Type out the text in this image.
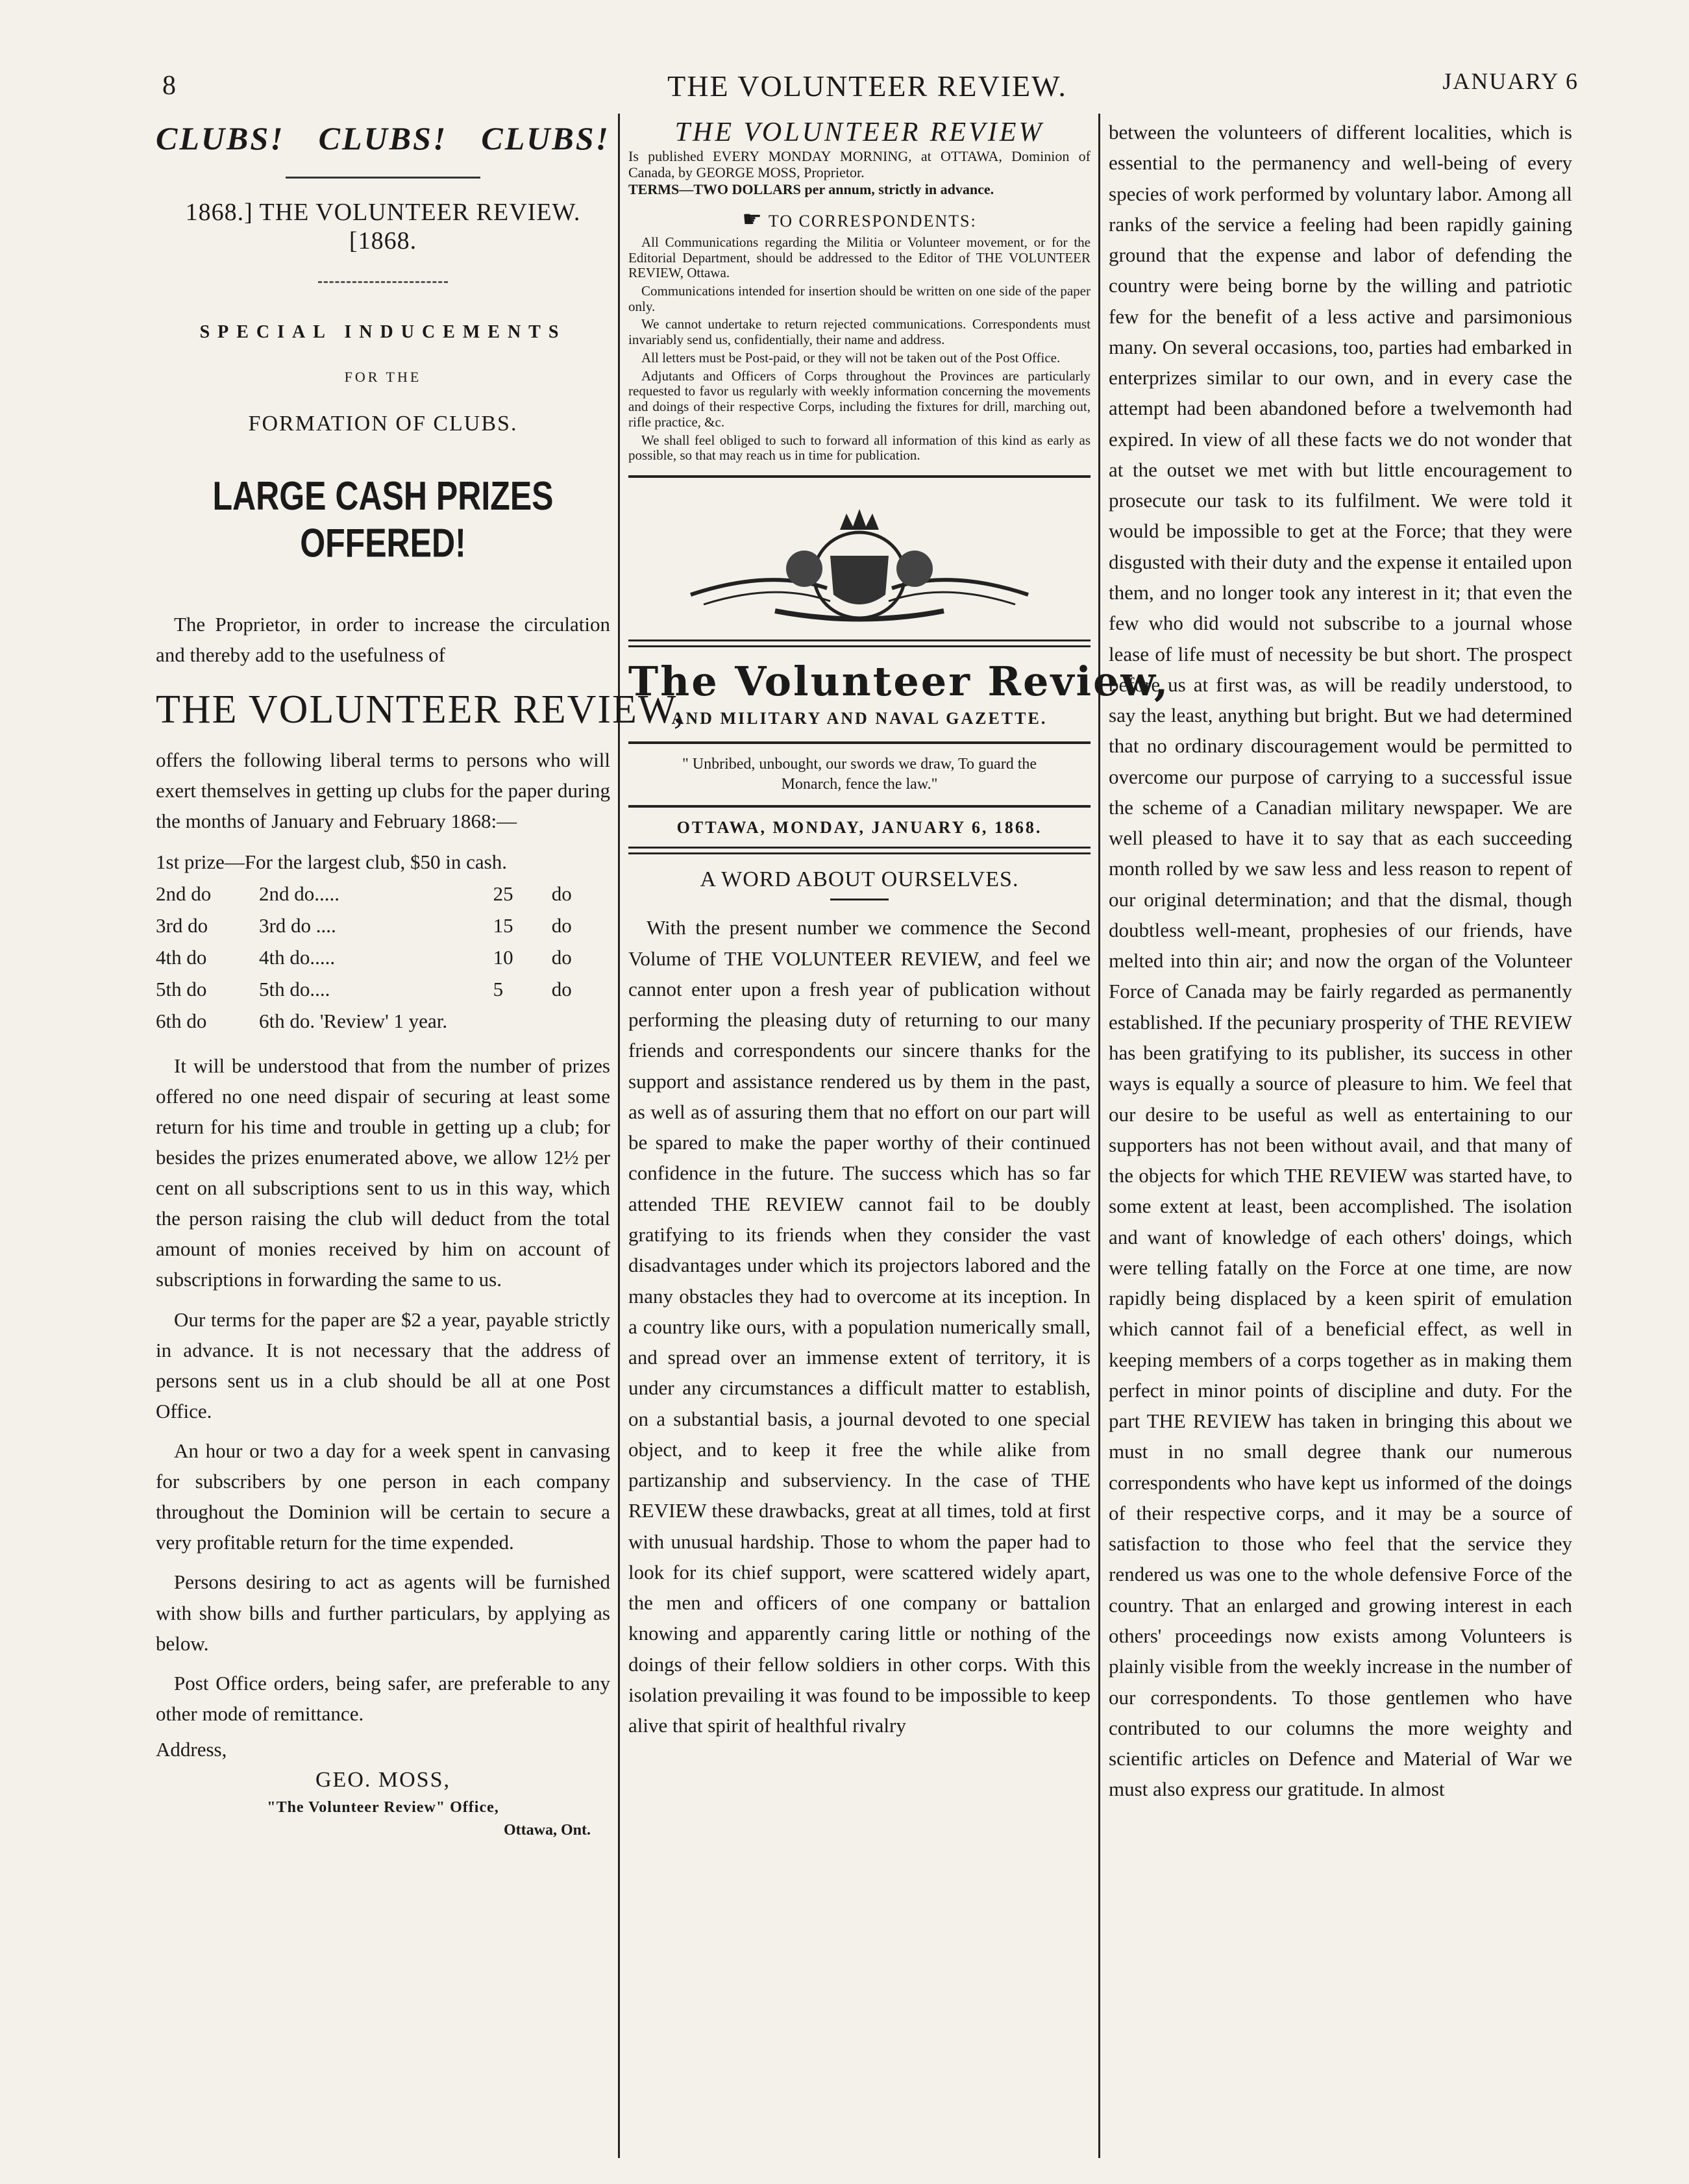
8	THE VOLUNTEER REVIEW.	JANUARY 6
CLUBS! CLUBS! CLUBS!
1868.] THE VOLUNTEER REVIEW. [1868.
SPECIAL INDUCEMENTS
FOR THE
FORMATION OF CLUBS.
LARGE CASH PRIZES OFFERED!

The Proprietor, in order to increase the circulation and thereby add to the usefulness of

THE VOLUNTEER REVIEW,

offers the following liberal terms to persons who will exert themselves in getting up clubs for the paper during the months of January and February 1868:—

1st prize—For the largest club, $50 in cash.			
2nd do	2nd do.....	25	do
3rd do	3rd do ....	15	do
4th do	4th do.....	10	do
5th do	5th do....	5	do
6th do	6th do. 'Review' 1 year.		

It will be understood that from the number of prizes offered no one need dispair of securing at least some return for his time and trouble in getting up a club; for besides the prizes enumerated above, we allow 12½ per cent on all subscriptions sent to us in this way, which the person raising the club will deduct from the total amount of monies received by him on account of subscriptions in forwarding the same to us.

Our terms for the paper are $2 a year, payable strictly in advance. It is not necessary that the address of persons sent us in a club should be all at one Post Office.

An hour or two a day for a week spent in canvasing for subscribers by one person in each company throughout the Dominion will be certain to secure a very profitable return for the time expended.

Persons desiring to act as agents will be furnished with show bills and further particulars, by applying as below.

Post Office orders, being safer, are preferable to any other mode of remittance.

Address,
GEO. MOSS,
"The Volunteer Review" Office,
Ottawa, Ont.
THE VOLUNTEER REVIEW

Is published EVERY MONDAY MORNING, at OTTAWA, Dominion of Canada, by GEORGE MOSS, Proprietor.

TERMS—TWO DOLLARS per annum, strictly in advance.

☛ TO CORRESPONDENTS:

All Communications regarding the Militia or Volunteer movement, or for the Editorial Department, should be addressed to the Editor of THE VOLUNTEER REVIEW, Ottawa.

Communications intended for insertion should be written on one side of the paper only.

We cannot undertake to return rejected communications. Correspondents must invariably send us, confidentially, their name and address.

All letters must be Post-paid, or they will not be taken out of the Post Office.

Adjutants and Officers of Corps throughout the Provinces are particularly requested to favor us regularly with weekly information concerning the movements and doings of their respective Corps, including the fixtures for drill, marching out, rifle practice, &c.

We shall feel obliged to such to forward all information of this kind as early as possible, so that may reach us in time for publication.

The Volunteer Review,
AND MILITARY AND NAVAL GAZETTE.
" Unbribed, unbought, our swords we draw, To guard the Monarch, fence the law."
OTTAWA, MONDAY, JANUARY 6, 1868.
A WORD ABOUT OURSELVES.

With the present number we commence the Second Volume of THE VOLUNTEER REVIEW, and feel we cannot enter upon a fresh year of publication without performing the pleasing duty of returning to our many friends and correspondents our sincere thanks for the support and assistance rendered us by them in the past, as well as of assuring them that no effort on our part will be spared to make the paper worthy of their continued confidence in the future. The success which has so far attended THE REVIEW cannot fail to be doubly gratifying to its friends when they consider the vast disadvantages under which its projectors labored and the many obstacles they had to overcome at its inception. In a country like ours, with a population numerically small, and spread over an immense extent of territory, it is under any circumstances a difficult matter to establish, on a substantial basis, a journal devoted to one special object, and to keep it free the while alike from partizanship and subserviency. In the case of THE REVIEW these drawbacks, great at all times, told at first with unusual hardship. Those to whom the paper had to look for its chief support, were scattered widely apart, the men and officers of one company or battalion knowing and apparently caring little or nothing of the doings of their fellow soldiers in other corps. With this isolation prevailing it was found to be impossible to keep alive that spirit of healthful rivalry

between the volunteers of different localities, which is essential to the permanency and well-being of every species of work performed by voluntary labor. Among all ranks of the service a feeling had been rapidly gaining ground that the expense and labor of defending the country were being borne by the willing and patriotic few for the benefit of a less active and parsimonious many. On several occasions, too, parties had embarked in enterprizes similar to our own, and in every case the attempt had been abandoned before a twelvemonth had expired. In view of all these facts we do not wonder that at the outset we met with but little encouragement to prosecute our task to its fulfilment. We were told it would be impossible to get at the Force; that they were disgusted with their duty and the expense it entailed upon them, and no longer took any interest in it; that even the few who did would not subscribe to a journal whose lease of life must of necessity be but short. The prospect before us at first was, as will be readily understood, to say the least, anything but bright. But we had determined that no ordinary discouragement would be permitted to overcome our purpose of carrying to a successful issue the scheme of a Canadian military newspaper. We are well pleased to have it to say that as each succeeding month rolled by we saw less and less reason to repent of our original determination; and that the dismal, though doubtless well-meant, prophesies of our friends, have melted into thin air; and now the organ of the Volunteer Force of Canada may be fairly regarded as permanently established. If the pecuniary prosperity of THE REVIEW has been gratifying to its publisher, its success in other ways is equally a source of pleasure to him. We feel that our desire to be useful as well as entertaining to our supporters has not been without avail, and that many of the objects for which THE REVIEW was started have, to some extent at least, been accomplished. The isolation and want of knowledge of each others' doings, which were telling fatally on the Force at one time, are now rapidly being displaced by a keen spirit of emulation which cannot fail of a beneficial effect, as well in keeping members of a corps together as in making them perfect in minor points of discipline and duty. For the part THE REVIEW has taken in bringing this about we must in no small degree thank our numerous correspondents who have kept us informed of the doings of their respective corps, and it may be a source of satisfaction to those who feel that the service they rendered us was one to the whole defensive Force of the country. That an enlarged and growing interest in each others' proceedings now exists among Volunteers is plainly visible from the weekly increase in the number of our correspondents. To those gentlemen who have contributed to our columns the more weighty and scientific articles on Defence and Material of War we must also express our gratitude. In almost
